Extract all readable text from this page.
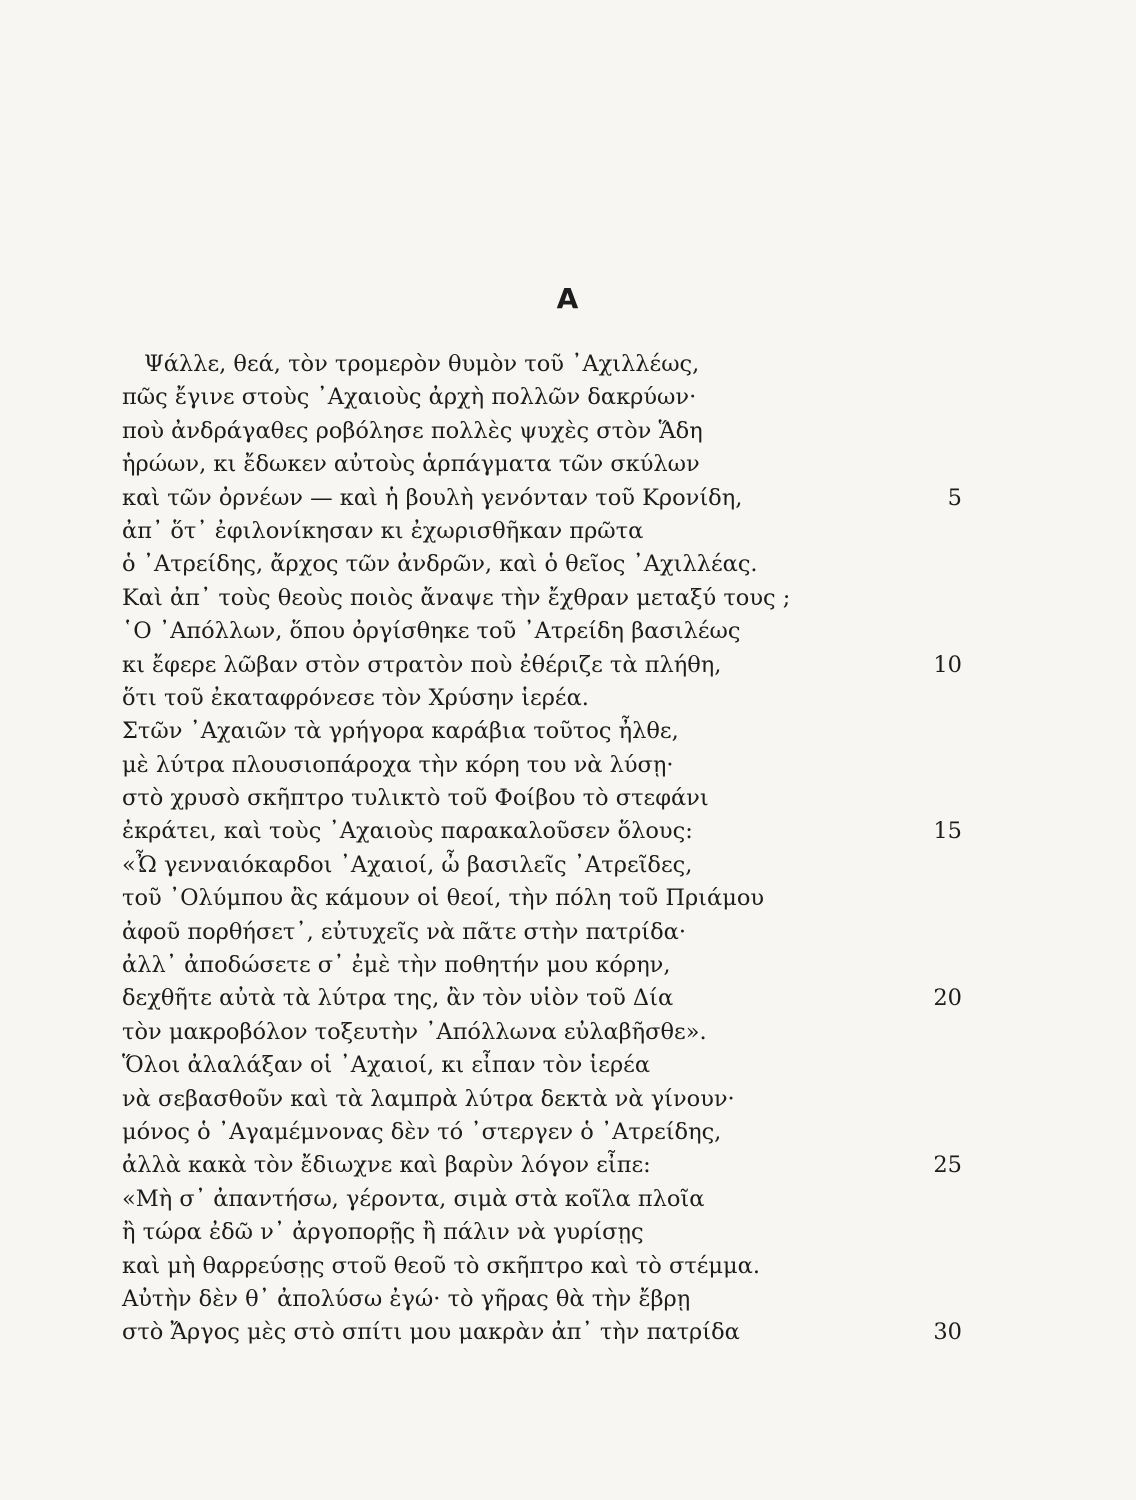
A
Ψάλλε, θεά, τὸν τρομερὸν θυμὸν τοῦ ᾿Αχιλλέως,
πῶς ἔγινε στοὺς ᾿Αχαιοὺς ἀρχὴ πολλῶν δακρύων·
ποὺ ἀνδράγαθες ροβόλησε πολλὲς ψυχὲς στὸν Ἅδη
ἡρώων, κι ἔδωκεν αὐτοὺς ἁρπάγματα τῶν σκύλων
καὶ τῶν ὀρνέων — καὶ ἡ βουλὴ γενόνταν τοῦ Κρονίδη,	5
ἀπ᾿ ὅτ᾿ ἐφιλονίκησαν κι ἐχωρισθῆκαν πρῶτα
ὁ ᾿Ατρείδης, ἄρχος τῶν ἀνδρῶν, καὶ ὁ θεῖος ᾿Αχιλλέας.
Καὶ ἀπ᾿ τοὺς θεοὺς ποιὸς ἄναψε τὴν ἔχθραν μεταξύ τους ;
῾Ο ᾿Απόλλων, ὅπου ὀργίσθηκε τοῦ ᾿Ατρείδη βασιλέως
κι ἔφερε λῶβαν στὸν στρατὸν ποὺ ἐθέριζε τὰ πλήθη,	10
ὅτι τοῦ ἐκαταφρόνεσε τὸν Χρύσην ἱερέα.
Στῶν ᾿Αχαιῶν τὰ γρήγορα καράβια τοῦτος ἦλθε,
μὲ λύτρα πλουσιοπάροχα τὴν κόρη του νὰ λύσῃ·
στὸ χρυσὸ σκῆπτρο τυλικτὸ τοῦ Φοίβου τὸ στεφάνι
ἐκράτει, καὶ τοὺς ᾿Αχαιοὺς παρακαλοῦσεν ὅλους:	15
«Ὦ γενναιόκαρδοι ᾿Αχαιοί, ὦ βασιλεῖς ᾿Ατρεῖδες,
τοῦ ᾿Ολύμπου ἂς κάμουν οἱ θεοί, τὴν πόλη τοῦ Πριάμου
ἀφοῦ πορθήσετ᾿, εὐτυχεῖς νὰ πᾶτε στὴν πατρίδα·
ἀλλ᾿ ἀποδώσετε σ᾿ ἐμὲ τὴν ποθητήν μου κόρην,
δεχθῆτε αὐτὰ τὰ λύτρα της, ἂν τὸν υἱὸν τοῦ Δία	20
τὸν μακροβόλον τοξευτὴν ᾿Απόλλωνα εὐλαβῆσθε».
Ὅλοι ἀλαλάξαν οἱ ᾿Αχαιοί, κι εἶπαν τὸν ἱερέα
νὰ σεβασθοῦν καὶ τὰ λαμπρὰ λύτρα δεκτὰ νὰ γίνουν·
μόνος ὁ ᾿Αγαμέμνονας δὲν τό ᾿στεργεν ὁ ᾿Ατρείδης,
ἀλλὰ κακὰ τὸν ἔδιωχνε καὶ βαρὺν λόγον εἶπε:	25
«Μὴ σ᾿ ἀπαντήσω, γέροντα, σιμὰ στὰ κοῖλα πλοῖα
ἢ τώρα ἐδῶ ν᾿ ἀργοπορῇς ἢ πάλιν νὰ γυρίσῃς
καὶ μὴ θαρρεύσῃς στοῦ θεοῦ τὸ σκῆπτρο καὶ τὸ στέμμα.
Αὐτὴν δὲν θ᾿ ἀπολύσω ἐγώ· τὸ γῆρας θὰ τὴν ἔβρῃ
στὸ Ἄργος μὲς στὸ σπίτι μου μακρὰν ἀπ᾿ τὴν πατρίδα	30
